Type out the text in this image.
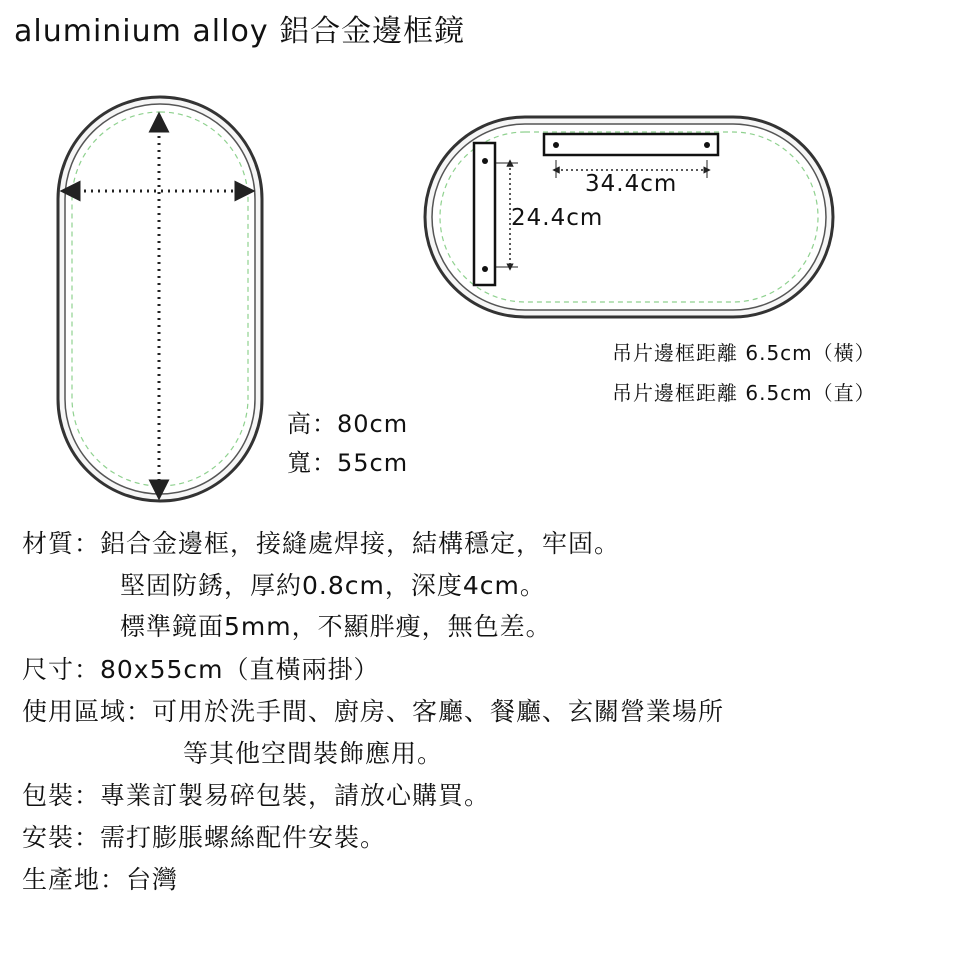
aluminium alloy 鋁合金邊框鏡
34.4cm
24.4cm
吊片邊框距離 6.5cm（橫）
吊片邊框距離 6.5cm（直）
高：80cm
寬：55cm
材質：鋁合金邊框，接縫處焊接，結構穩定，牢固。
堅固防銹，厚約0.8cm，深度4cm。
標準鏡面5mm，不顯胖瘦，無色差。
尺寸：80x55cm（直橫兩掛）
使用區域：可用於洗手間、廚房、客廳、餐廳、玄關營業場所
等其他空間裝飾應用。
包裝：專業訂製易碎包裝，請放心購買。
安裝：需打膨脹螺絲配件安裝。
生產地：台灣
